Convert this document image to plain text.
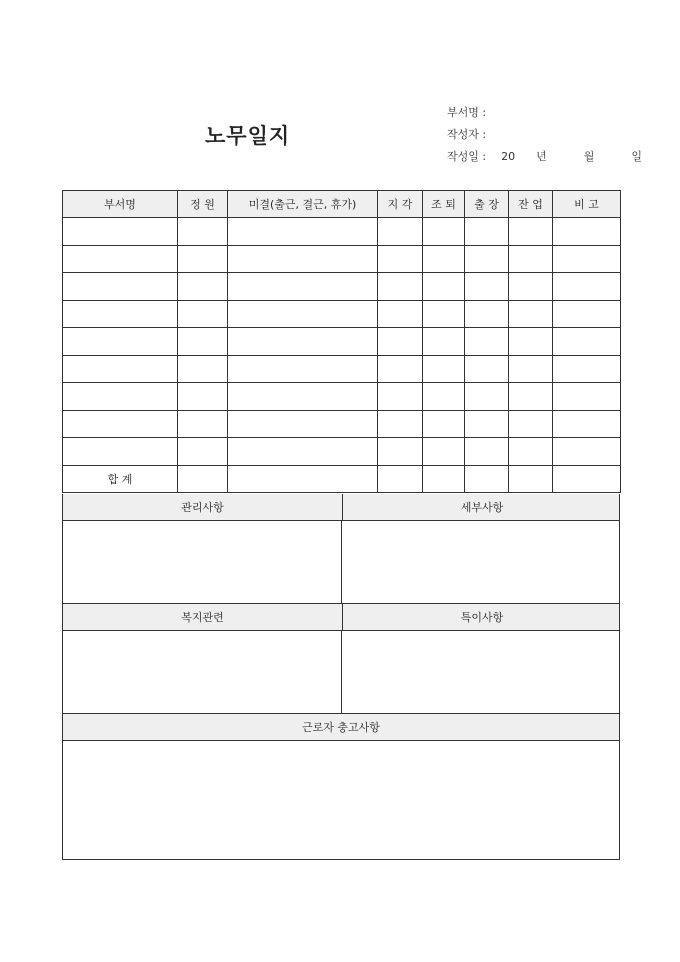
노무일지
부서명 :
작성자 :
작성일 : 20 년	월	일
부서명	정 원	미결(출근, 결근, 휴가)	지 각	조 퇴	출 장	잔 업	비 고

합 계							
관리사항	세부사항
복지관련	특이사항
근로자 충고사항
